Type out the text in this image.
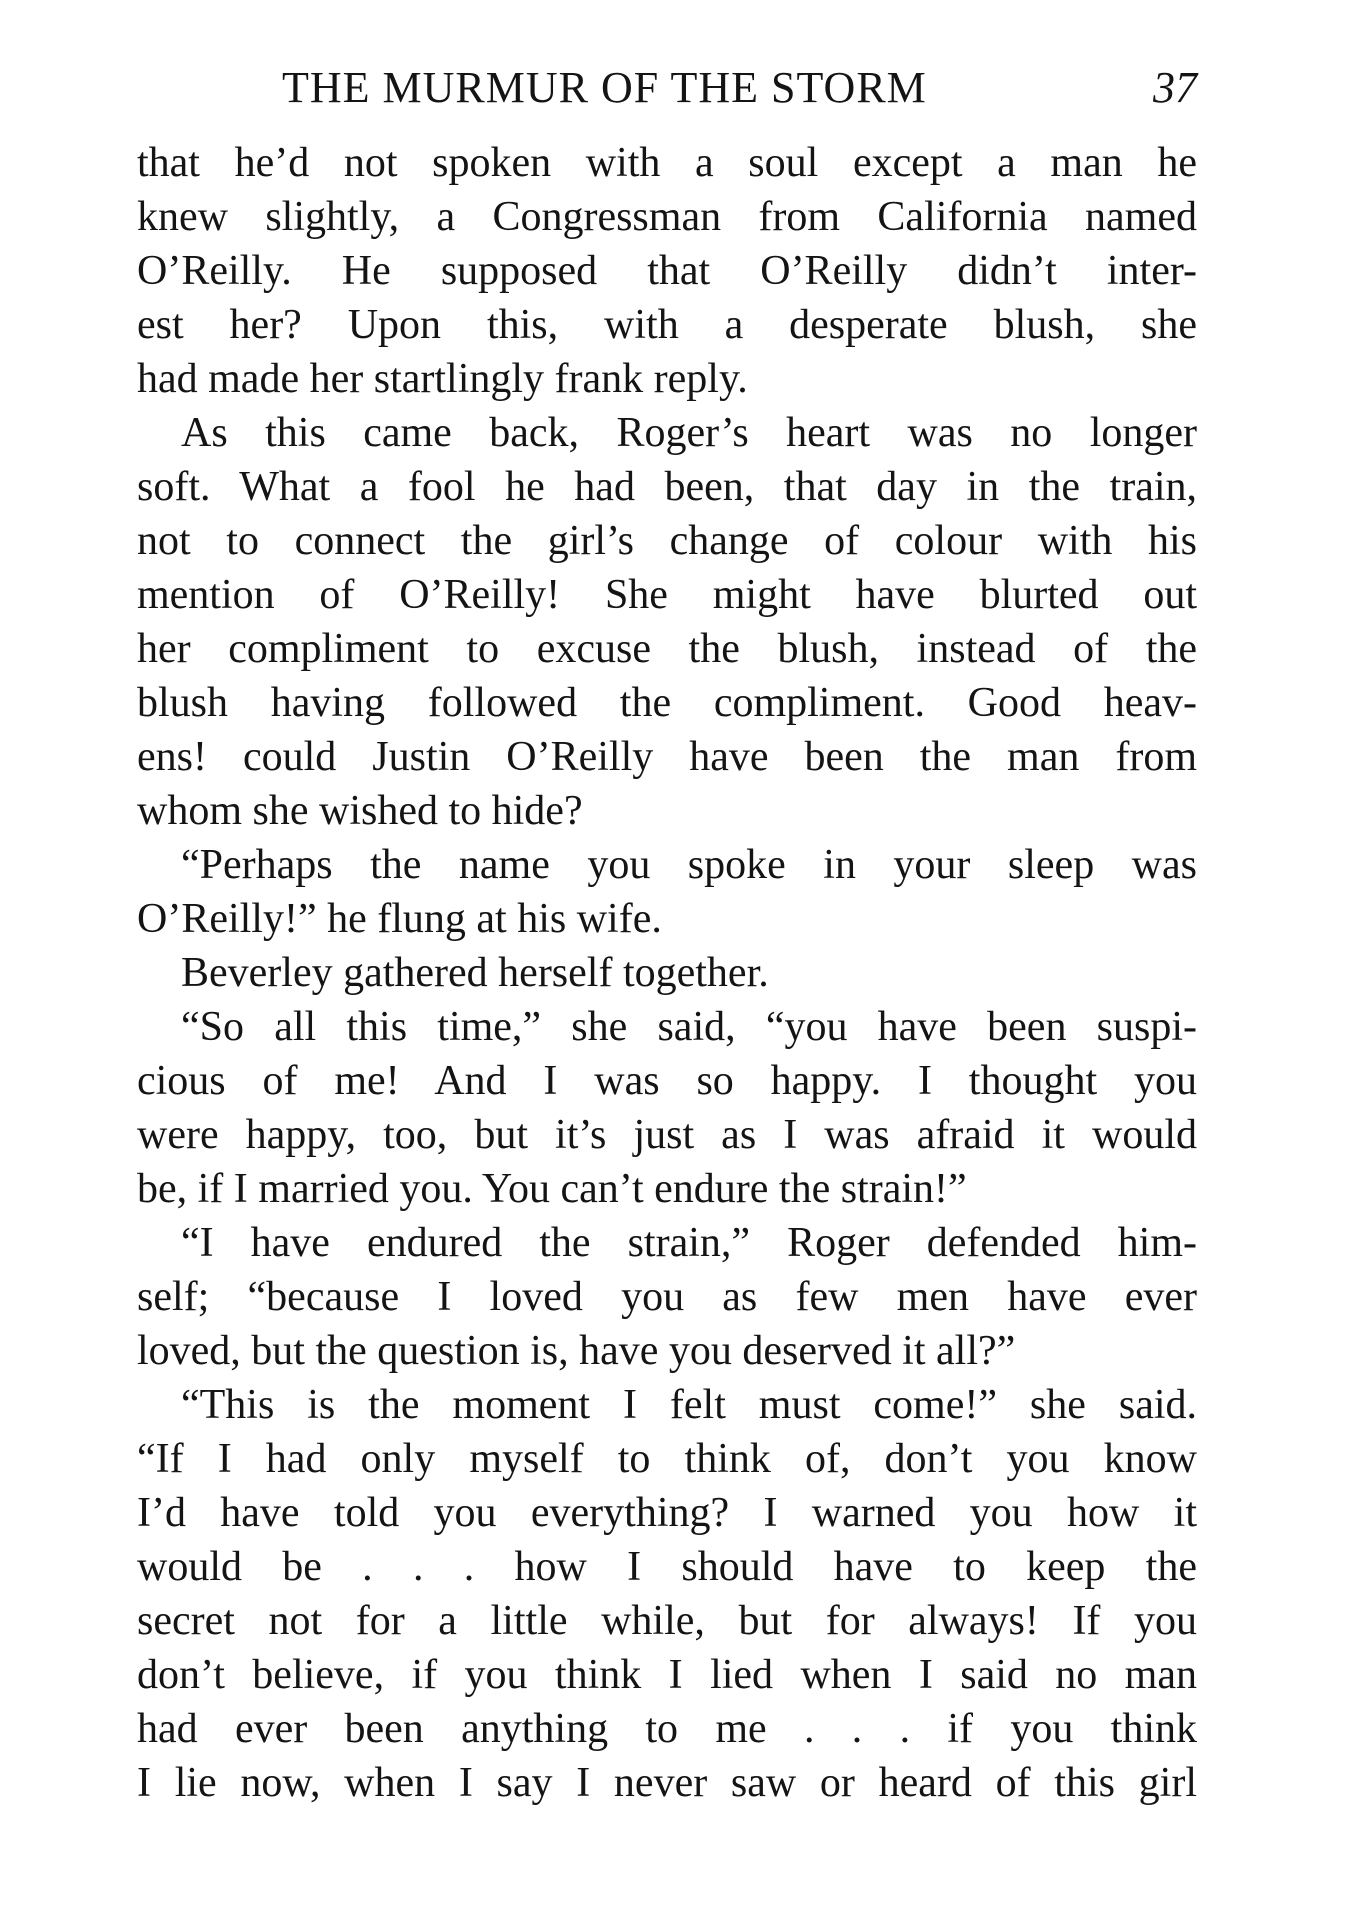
THE MURMUR OF THE STORM	37
that he’d not spoken with a soul except a man he
knew slightly, a Congressman from California named
O’Reilly. He supposed that O’Reilly didn’t inter-
est her? Upon this, with a desperate blush, she
had made her startlingly frank reply.
As this came back, Roger’s heart was no longer
soft. What a fool he had been, that day in the train,
not to connect the girl’s change of colour with his
mention of O’Reilly! She might have blurted out
her compliment to excuse the blush, instead of the
blush having followed the compliment. Good heav-
ens! could Justin O’Reilly have been the man from
whom she wished to hide?
“Perhaps the name you spoke in your sleep was
O’Reilly!” he flung at his wife.
Beverley gathered herself together.
“So all this time,” she said, “you have been suspi-
cious of me! And I was so happy. I thought you
were happy, too, but it’s just as I was afraid it would
be, if I married you. You can’t endure the strain!”
“I have endured the strain,” Roger defended him-
self; “because I loved you as few men have ever
loved, but the question is, have you deserved it all?”
“This is the moment I felt must come!” she said.
“If I had only myself to think of, don’t you know
I’d have told you everything? I warned you how it
would be . . . how I should have to keep the
secret not for a little while, but for always! If you
don’t believe, if you think I lied when I said no man
had ever been anything to me . . . if you think
I lie now, when I say I never saw or heard of this girl
